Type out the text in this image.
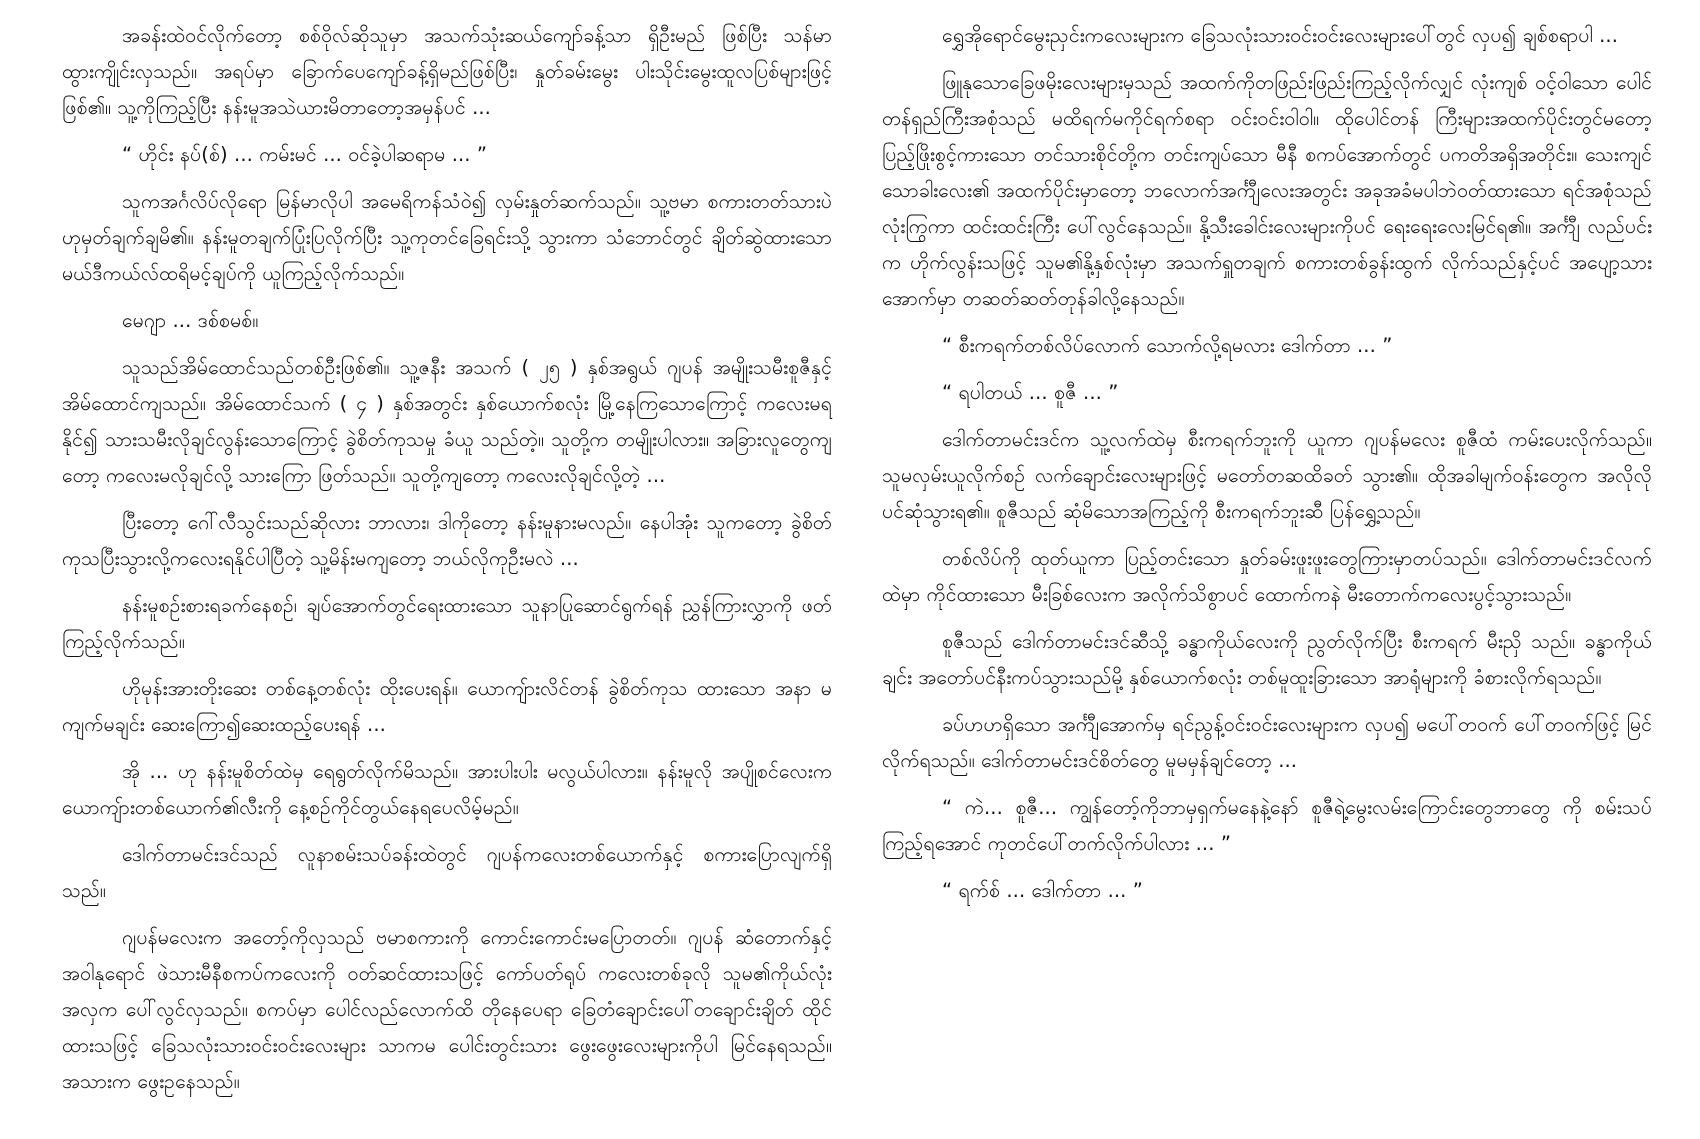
အခန်းထဲဝင်လိုက်တော့ စစ်ဝိုလ်ဆိုသူမှာ အသက်သုံးဆယ်ကျော်ခန့်သာ ရှိဦးမည် ဖြစ်ပြီး သန်မာထွားကျိုင်းလှသည်။ အရပ်မှာ ခြောက်ပေကျော်ခန့်ရှိမည်ဖြစ်ပြီး၊ နှုတ်ခမ်းမွေး ပါးသိုင်းမွေးထူလပြစ်များဖြင့်ဖြစ်၏။ သူ့ကိုကြည့်ပြီး နန်းမူအသဲယားမိတာတော့အမှန်ပင် ...

“ ဟိုင်း နပ်(စ်) ... ကမ်းမင် ... ဝင်ခဲ့ပါဆရာမ ... ”

သူကအင်္ဂလိပ်လိုရော မြန်မာလိုပါ အမေရိကန်သံဝဲ၍ လှမ်းနှုတ်ဆက်သည်။ သူ့ဗမာ စကားတတ်သားပဲ ဟုမှတ်ချက်ချမိ၏။ နန်းမူတချက်ပြုံးပြလိုက်ပြီး သူ့ကုတင်ခြေရင်းသို့ သွားကာ သံဘောင်တွင် ချိတ်ဆွဲထားသော မယ်ဒီကယ်လ်ထရိမင့်ချပ်ကို ယူကြည့်လိုက်သည်။

မေဂျာ ... ဒစ်စမစ်။

သူသည်အိမ်ထောင်သည်တစ်ဦးဖြစ်၏။ သူ့ဇနီး အသက် ( ၂၅ ) နှစ်အရွယ် ဂျပန် အမျိုးသမီးစူဇီနှင့် အိမ်ထောင်ကျသည်။ အိမ်ထောင်သက် ( ၄ ) နှစ်အတွင်း နှစ်ယောက်စလုံး မြို့နေကြသောကြောင့် ကလေးမရနိုင်၍ သားသမီးလိုချင်လွန်းသောကြောင့် ခွဲစိတ်ကုသမှု ခံယူ သည်တဲ့။ သူတို့က တမျိုးပါလား။ အခြားလူတွေကျတော့ ကလေးမလိုချင်လို့ သားကြော ဖြတ်သည်။ သူတို့ကျတော့ ကလေးလိုချင်လို့တဲ့ ...

ပြီးတော့ ဂေါ်လီသွင်းသည်ဆိုလား ဘာလား၊ ဒါကိုတော့ နန်းမူနားမလည်။ နေပါအုံး သူကတော့ ခွဲစိတ်ကုသပြီးသွားလို့ကလေးရနိုင်ပါပြီတဲ့ သူ့မိန်းမကျတော့ ဘယ်လိုကုဦးမလဲ ...

နန်းမူစဉ်းစားရခက်နေစဉ်၊ ချပ်အောက်တွင်ရေးထားသော သူနာပြုဆောင်ရွက်ရန် ညွှန်ကြားလွှာကို ဖတ်ကြည့်လိုက်သည်။

ဟိုမုန်းအားတိုးဆေး တစ်နေ့တစ်လုံး ထိုးပေးရန်။ ယောကျ်ားလိင်တန် ခွဲစိတ်ကုသ ထားသော အနာ မကျက်မချင်း ဆေးကြော၍ဆေးထည့်ပေးရန် ...

အို ... ဟု နန်းမူစိတ်ထဲမှ ရေရွတ်လိုက်မိသည်။ အားပါးပါး မလွယ်ပါလား။ နန်းမူလို အပျိုစင်လေးက ယောကျ်ားတစ်ယောက်၏လီးကို နေ့စဉ်ကိုင်တွယ်နေရပေလိမ့်မည်။

ဒေါက်တာမင်းဒင်သည် လူနာစမ်းသပ်ခန်းထဲတွင် ဂျပန်ကလေးတစ်ယောက်နှင့် စကားပြောလျက်ရှိသည်။

ဂျပန်မလေးက အတော့်ကိုလှသည် ဗမာစကားကို ကောင်းကောင်းမပြောတတ်။ ဂျပန် ဆံတောက်နှင့် အဝါနုရောင် ဖဲသားမီနီစကပ်ကလေးကို ဝတ်ဆင်ထားသဖြင့် ကော်ပတ်ရုပ် ကလေးတစ်ခုလို သူမ၏ကိုယ်လုံးအလှက ပေါ်လွင်လှသည်။ စကပ်မှာ ပေါင်လည်လောက်ထိ တိုနေပေရာ ခြေတံချောင်းပေါ်တချောင်းချိတ် ထိုင်ထားသဖြင့် ခြေသလုံးသားဝင်းဝင်းလေးများ သာကမ ပေါင်းတွင်းသား ဖွေးဖွေးလေးများကိုပါ မြင်နေရသည်။ အသားက ဖွေးဥနေသည်။

ရွှေအိုရောင်မွေးညှင်းကလေးများက ခြေသလုံးသားဝင်းဝင်းလေးများပေါ်တွင် လှပ၍ ချစ်စရာပါ ...

ဖြူနုသောခြေဖမိုးလေးများမှသည် အထက်ကိုတဖြည်းဖြည်းကြည့်လိုက်လျှင် လုံးကျစ် ဝင့်ဝါသော ပေါင်တန်ရှည်ကြီးအစုံသည် မထိရက်မကိုင်ရက်စရာ ဝင်းဝင်းဝါဝါ။ ထိုပေါင်တန် ကြီးများအထက်ပိုင်းတွင်မတော့ ပြည့်ဖြိုးစွင့်ကားသော တင်သားစိုင်တို့က တင်းကျပ်သော မီနီ စကပ်အောက်တွင် ပကတိအရှိအတိုင်း။ သေးကျင်သောခါးလေး၏ အထက်ပိုင်းမှာတော့ ဘလောက်အင်္ကျီလေးအတွင်း အခုအခံမပါဘဲဝတ်ထားသော ရင်အစုံသည် လုံးကြွကာ ထင်းထင်းကြီး ပေါ်လွင်နေသည်။ နို့သီးခေါင်းလေးများကိုပင် ရေးရေးလေးမြင်ရ၏။ အင်္ကျီ လည်ပင်းက ဟိုက်လွန်းသဖြင့် သူမ၏နို့နှစ်လုံးမှာ အသက်ရှူတချက် စကားတစ်ခွန်းထွက် လိုက်သည်နှင့်ပင် အပျော့သားအောက်မှာ တဆတ်ဆတ်တုန်ခါလို့နေသည်။

“ စီးကရက်တစ်လိပ်လောက် သောက်လို့ရမလား ဒေါက်တာ ... ”

“ ရပါတယ် ... စူဇီ ... ”

ဒေါက်တာမင်းဒင်က သူ့လက်ထဲမှ စီးကရက်ဘူးကို ယူကာ ဂျပန်မလေး စူဇီထံ ကမ်းပေးလိုက်သည်။ သူမလှမ်းယူလိုက်စဉ် လက်ချောင်းလေးများဖြင့် မတော်တဆထိခတ် သွား၏။ ထိုအခါမျက်ဝန်းတွေက အလိုလိုပင်ဆုံသွားရ၏။ စူဇီသည် ဆုံမိသောအကြည့်ကို စီးကရက်ဘူးဆီ ပြန်ရွှေ့သည်။

တစ်လိပ်ကို ထုတ်ယူကာ ပြည့်တင်းသော နှုတ်ခမ်းဖူးဖူးတွေကြားမှာတပ်သည်။ ဒေါက်တာမင်းဒင်လက်ထဲမှာ ကိုင်ထားသော မီးခြစ်လေးက အလိုက်သိစွာပင် ထောက်ကနဲ မီးတောက်ကလေးပွင့်သွားသည်။

စူဇီသည် ဒေါက်တာမင်းဒင်ဆီသို့ ခန္ဓာကိုယ်လေးကို ညွတ်လိုက်ပြီး စီးကရက် မီးညှိ သည်။ ခန္ဓာကိုယ်ချင်း အတော်ပင်နီးကပ်သွားသည်မို့ နှစ်ယောက်စလုံး တစ်မူထူးခြားသော အာရုံများကို ခံစားလိုက်ရသည်။

ခပ်ဟဟရှိသော အင်္ကျီအောက်မှ ရင်ညွန့်ဝင်းဝင်းလေးများက လှပ၍ မပေါ်တဝက် ပေါ်တဝက်ဖြင့် မြင်လိုက်ရသည်။ ဒေါက်တာမင်းဒင်စိတ်တွေ မူမမှန်ချင်တော့ ...

“ ကဲ... စူဇီ... ကျွန်တော့်ကိုဘာမှရှက်မနေနဲ့နော် စူဇီရဲ့မွေးလမ်းကြောင်းတွေဘာတွေ ကို စမ်းသပ်ကြည့်ရအောင် ကုတင်ပေါ်တက်လိုက်ပါလား ... ”

“ ရက်စ် ... ဒေါက်တာ ... ”
